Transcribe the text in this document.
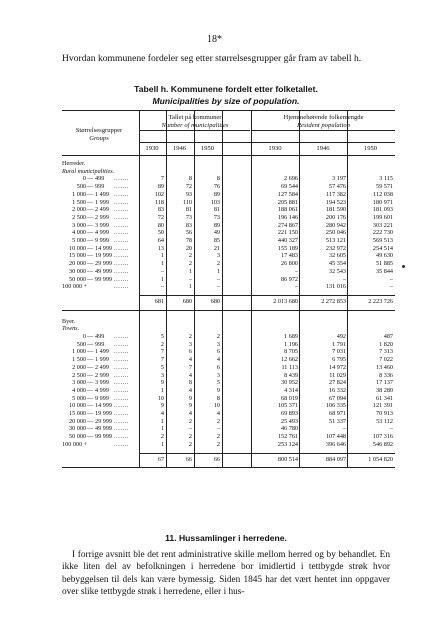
18*
Hvordan kommunene fordeler seg etter størrelsesgrupper går fram av tabell h.
Tabell h. Kommunene fordelt etter folketallet.
Municipalities by size of population.
Størrelsesgrupper
Groups
Tallet på kommuner
Number of municipalities
Hjemmehørende folkemengde
Resident population
1930	1946	1950	1930	1946	1950
Herreder.
Rural municipalities.
0 — 499 .......	7	8	8	2 696	3 197	3 115
500 — 999 .......	89	72	76	69 544	57 476	59 571
1 000 — 1 499 .......	102	93	89	127 584	117 382	112 038
1 500 — 1 999 .......	118	110	103	205 881	194 523	180 971
2 000 — 2 499 .......	83	81	81	188 061	181 590	181 093
2 500 — 2 999 .......	72	73	73	196 146	200 176	199 601
3 000 — 3 999 .......	80	83	89	274 867	280 942	303 221
4 000 — 4 999 .......	50	56	49	221 150	250 046	222 730
5 000 — 9 999 .......	64	78	85	440 327	513 121	569 513
10 000 — 14 999 .......	13	20	21	155 189	232 972	254 514
15 000 — 19 999 .......	1	2	3	17 483	32 605	49 630
20 000 — 29 999 .......	1	2	2	26 800	45 354	51 885
30 000 — 49 999 .......	–	1	1	–	32 543	35 844
50 000 — 99 999 .......	1	–	–	86 972	–	–
100 000 +	.......	–	1	–	–	131 016	–
681	680	680	2 013 680	2 272 853	2 223 726
Byer.
Towns.
0 — 499 .......	5	2	2	1 689	492	487
500 — 999 .......	2	3	3	1 196	1 791	1 820
1 000 — 1 499 .......	7	6	6	8 705	7 031	7 313
1 500 — 1 999 .......	7	4	4	12 662	6 795	7 022
2 000 — 2 499 .......	5	7	6	11 113	14 972	13 460
2 500 — 2 999 .......	3	4	3	8 439	11 029	8 336
3 000 — 3 999 .......	9	8	5	30 952	27 824	17 137
4 000 — 4 999 .......	1	4	9	4 314	16 332	38 280
5 000 — 9 999 .......	10	9	8	68 019	67 094	61 341
10 000 — 14 999 .......	9	9	10	105 371	106 335	121 391
15 000 — 19 999 .......	4	4	4	69 893	68 971	70 913
20 000 — 29 999 .......	1	2	2	25 493	51 337	53 112
30 000 — 49 999 .......	1	–	–	46 780	–	–
50 000 — 99 999 .......	2	2	2	152 761	107 448	107 316
100 000 +	.......	1	2	2	253 124	396 646	546 892
67	66	66	800 514	884 097	1 054 820
11. Hussamlinger i herredene.
I forrige avsnitt ble det rent administrative skille mellom herred og by behandlet. En ikke liten del av befolkningen i herredene bor imidlertid i tettbygde strøk hvor bebyggelsen til dels kan være bymessig. Siden 1845 har det vært hentet inn oppgaver over slike tettbygde strøk i herredene, eller i hus-
